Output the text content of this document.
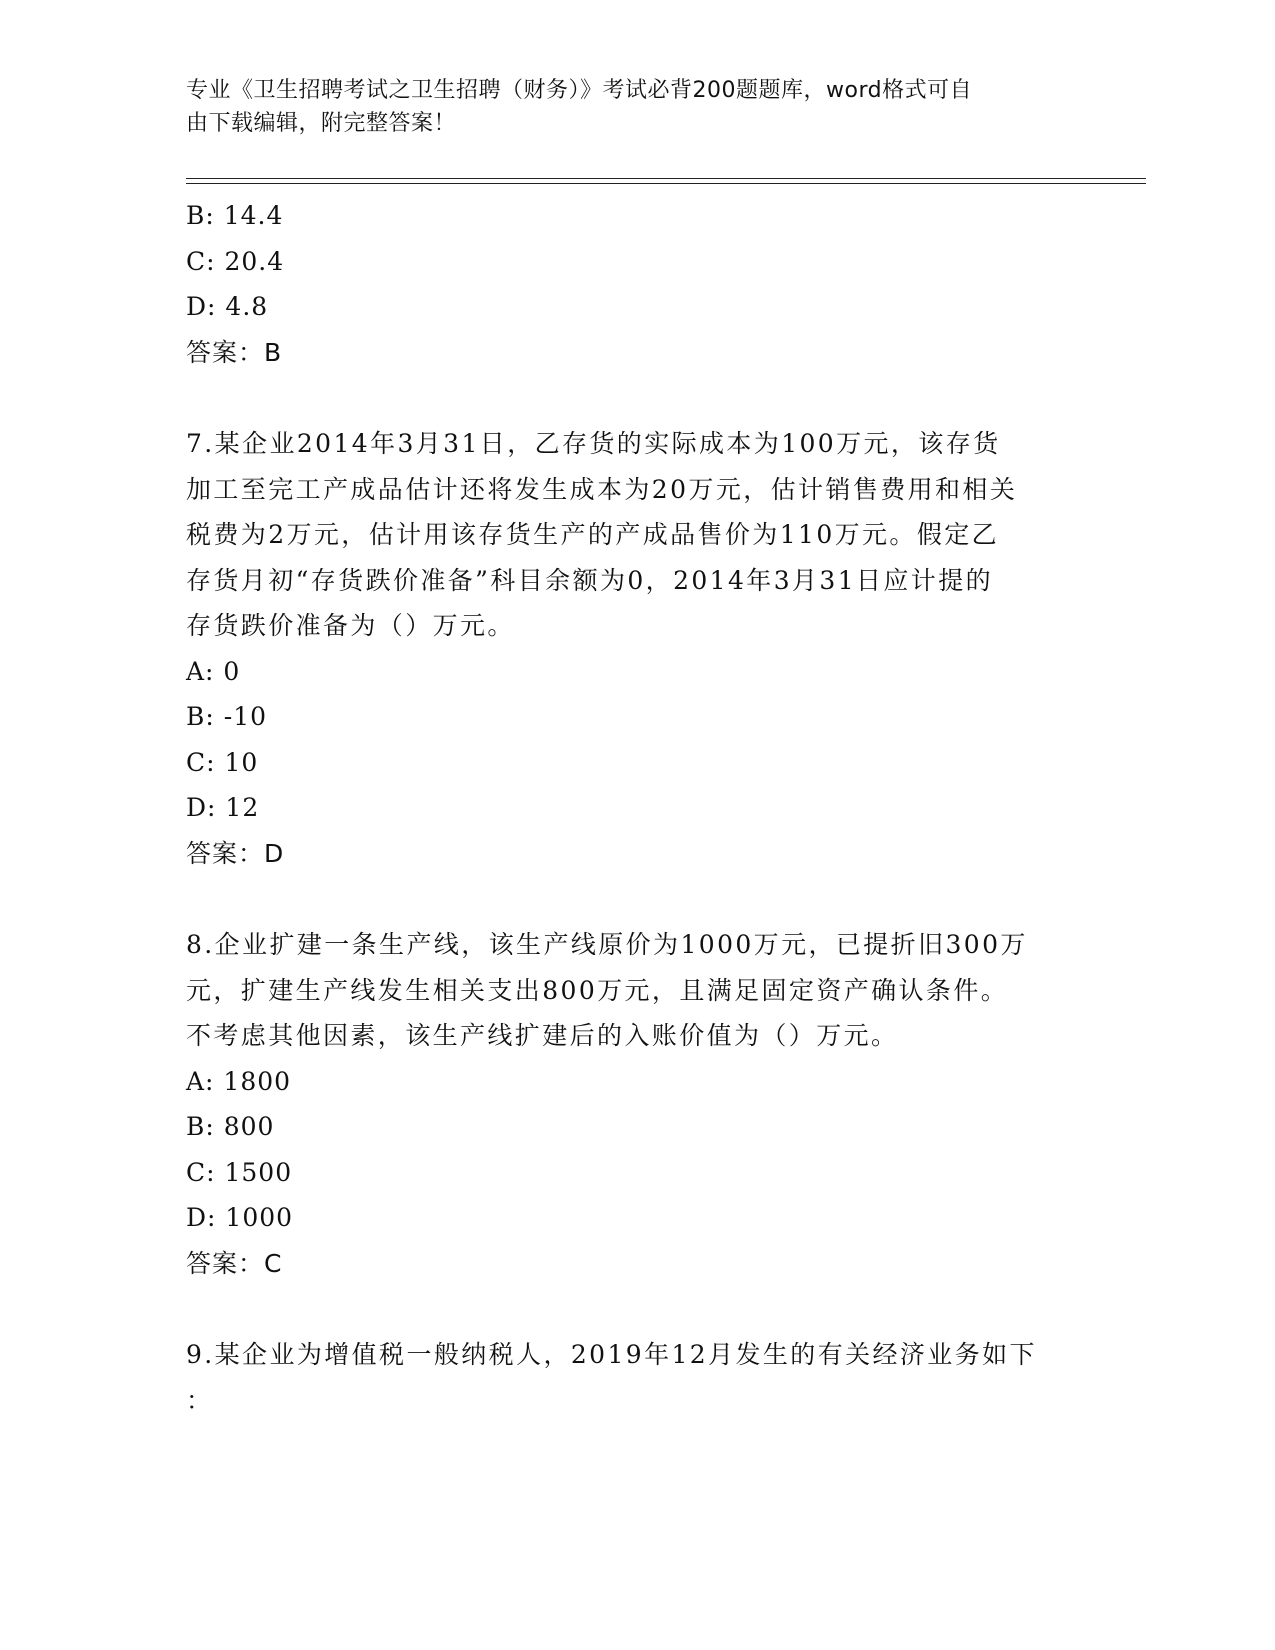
专业《卫生招聘考试之卫生招聘（财务）》考试必背200题题库，word格式可自
由下载编辑，附完整答案！
B: 14.4
C: 20.4
D: 4.8
答案：B
7.某企业2014年3月31日，乙存货的实际成本为100万元，该存货
加工至完工产成品估计还将发生成本为20万元，估计销售费用和相关
税费为2万元，估计用该存货生产的产成品售价为110万元。假定乙
存货月初“存货跌价准备”科目余额为0，2014年3月31日应计提的
存货跌价准备为（）万元。
A: 0
B: -10
C: 10
D: 12
答案：D
8.企业扩建一条生产线，该生产线原价为1000万元，已提折旧300万
元，扩建生产线发生相关支出800万元，且满足固定资产确认条件。
不考虑其他因素，该生产线扩建后的入账价值为（）万元。
A: 1800
B: 800
C: 1500
D: 1000
答案：C
9.某企业为增值税一般纳税人，2019年12月发生的有关经济业务如下
：
